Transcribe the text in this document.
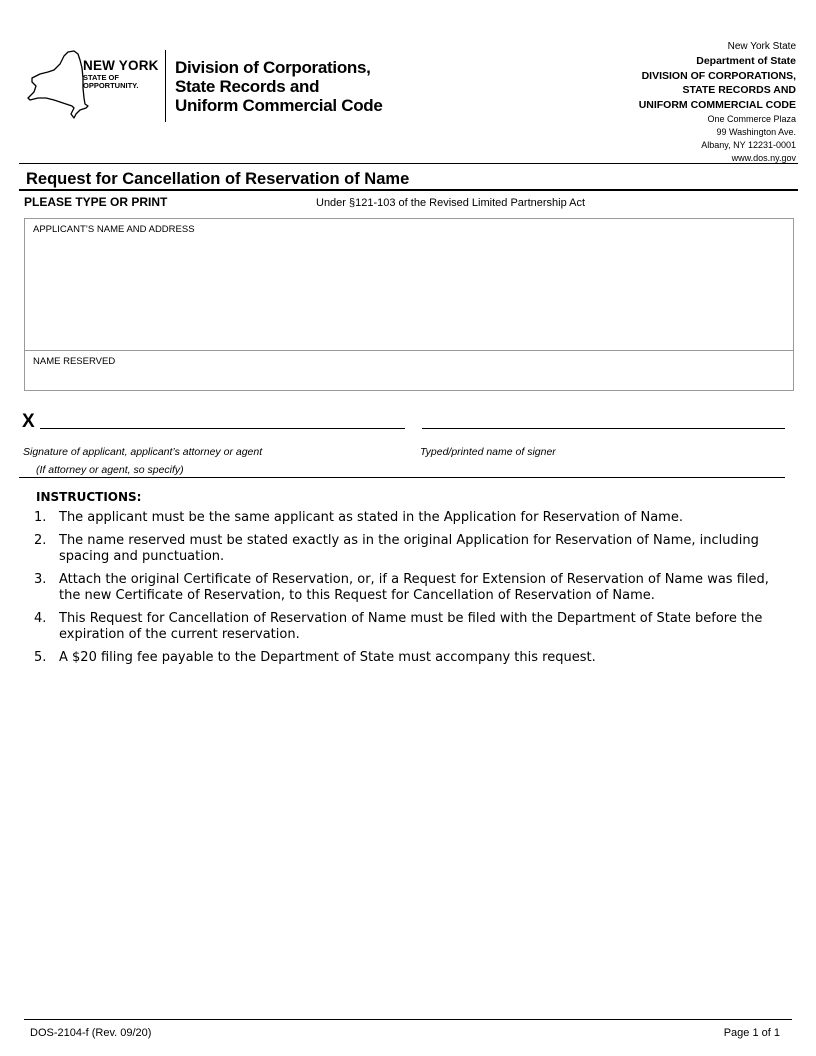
NEW YORK
STATE OF
OPPORTUNITY.
Division of Corporations,
State Records and
Uniform Commercial Code
New York State
Department of State
DIVISION OF CORPORATIONS,
STATE RECORDS AND
UNIFORM COMMERCIAL CODE
One Commerce Plaza
99 Washington Ave.
Albany, NY 12231-0001
www.dos.ny.gov
Request for Cancellation of Reservation of Name
PLEASE TYPE OR PRINT	Under §121-103 of the Revised Limited Partnership Act
APPLICANT’S NAME AND ADDRESS
NAME RESERVED
X
Signature of applicant, applicant’s attorney or agent
(If attorney or agent, so specify)
Typed/printed name of signer
INSTRUCTIONS:
1. The applicant must be the same applicant as stated in the Application for Reservation of Name.
2. The name reserved must be stated exactly as in the original Application for Reservation of Name, including spacing and punctuation.
3. Attach the original Certificate of Reservation, or, if a Request for Extension of Reservation of Name was filed, the new Certificate of Reservation, to this Request for Cancellation of Reservation of Name.
4. This Request for Cancellation of Reservation of Name must be filed with the Department of State before the expiration of the current reservation.
5. A $20 filing fee payable to the Department of State must accompany this request.
DOS-2104-f (Rev. 09/20)	Page 1 of 1
